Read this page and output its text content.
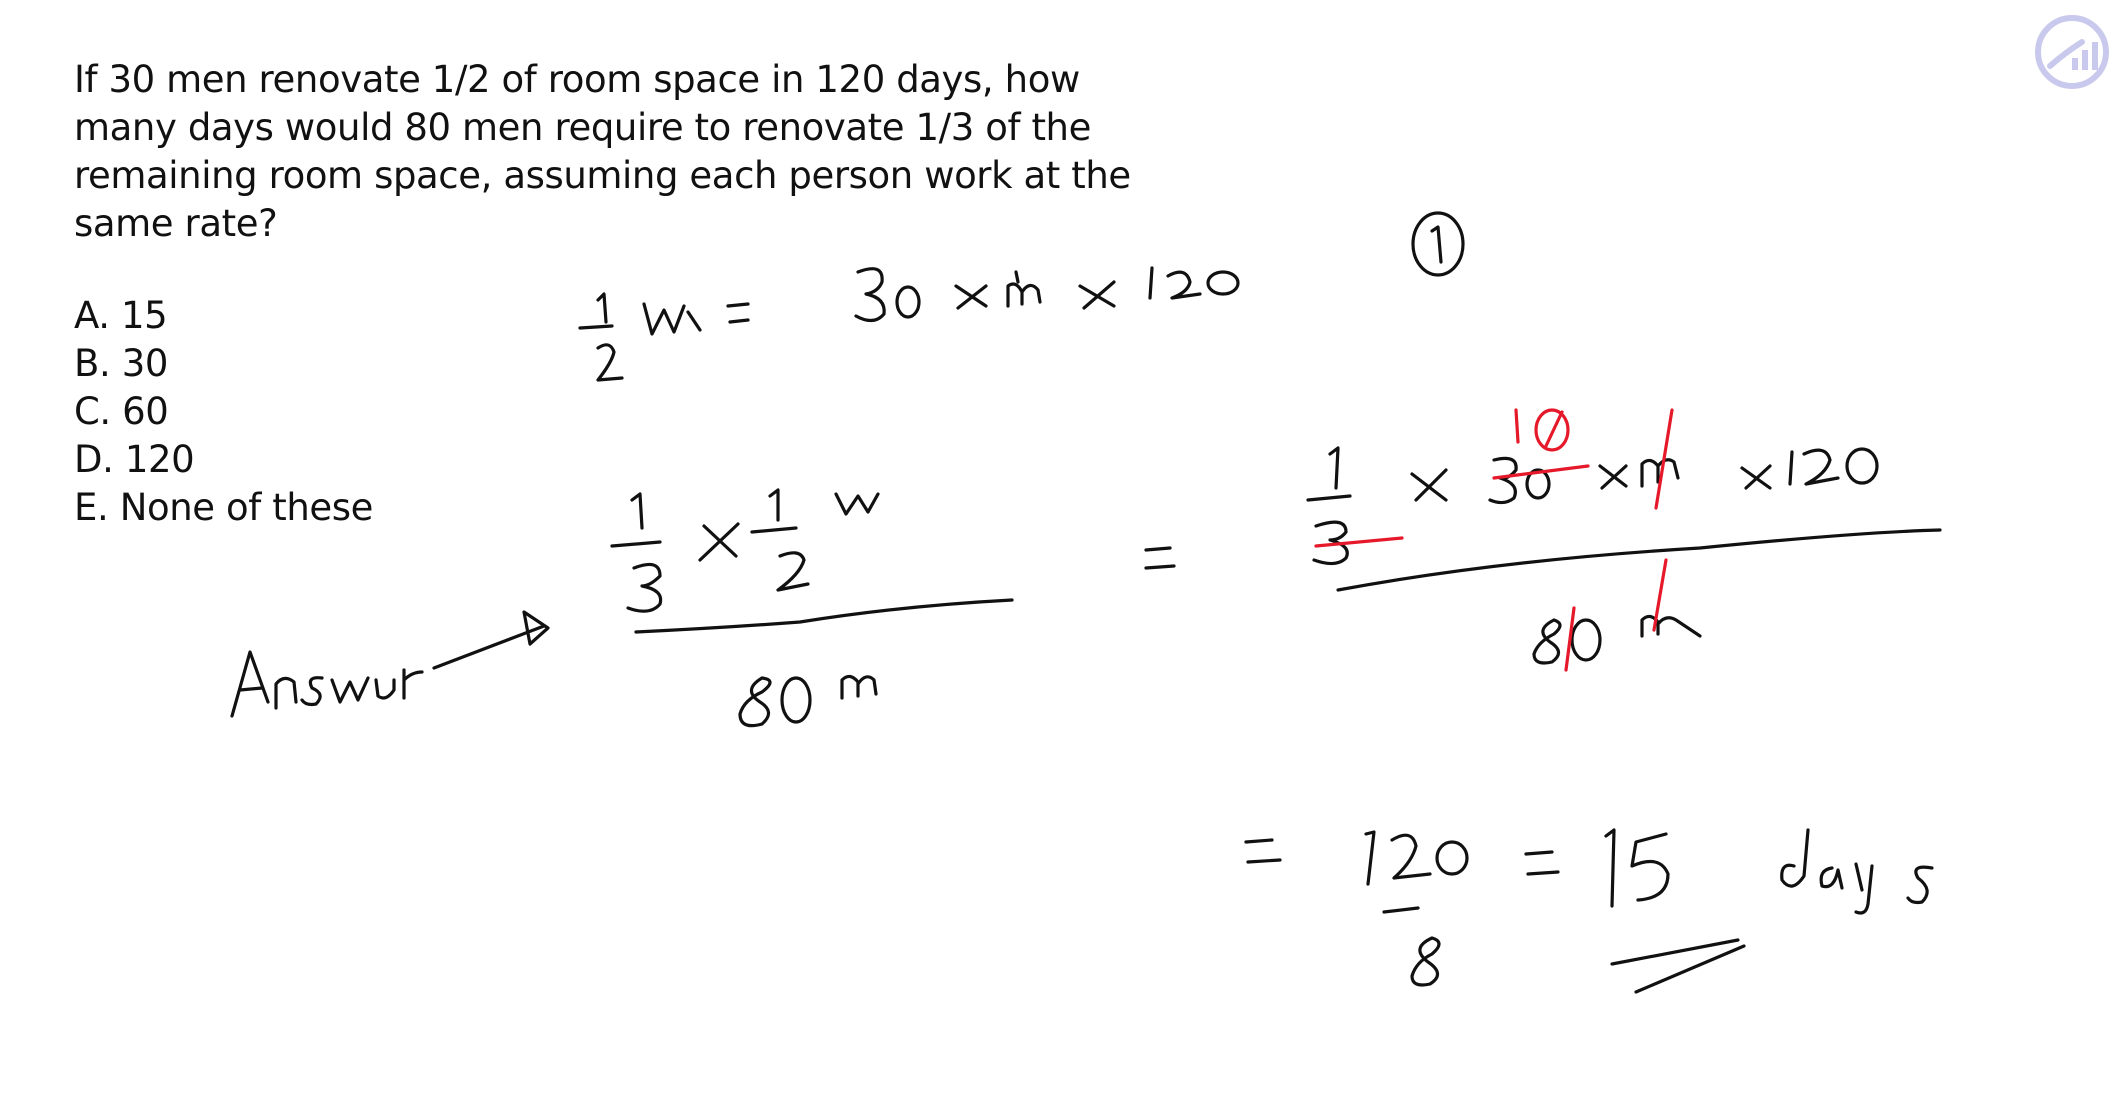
If 30 men renovate 1/2 of room space in 120 days, how
many days would 80 men require to renovate 1/3 of the
remaining room space, assuming each person work at the
same rate?
A. 15
B. 30
C. 60
D. 120
E. None of these
